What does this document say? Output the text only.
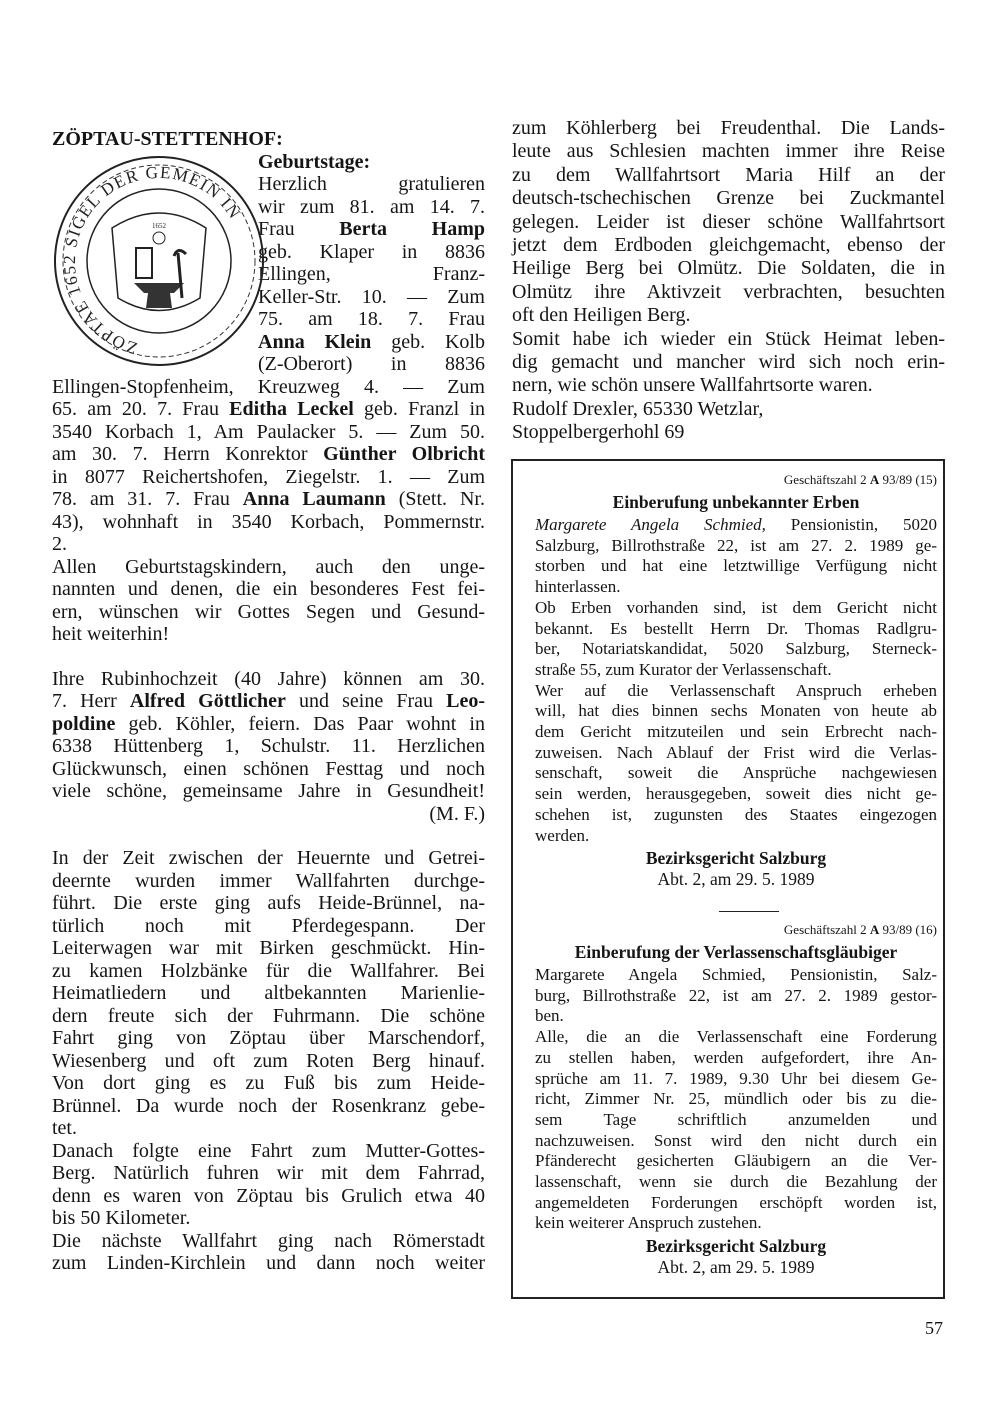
ZÖPTAU-STETTENHOF:
ZÖPTAE 1652 SIGEL DER GEMEIN IN
1652
Geburtstage:
Herzlich gratulieren
wir zum 81. am 14. 7.
Frau Berta Hamp
geb. Klaper in 8836
Ellingen, Franz-
Keller-Str. 10. — Zum
75. am 18. 7. Frau
Anna Klein geb. Kolb
(Z-Oberort) in 8836
Ellingen-Stopfenheim, Kreuzweg 4. — Zum
65. am 20. 7. Frau Editha Leckel geb. Franzl in
3540 Korbach 1, Am Paulacker 5. — Zum 50.
am 30. 7. Herrn Konrektor Günther Olbricht
in 8077 Reichertshofen, Ziegelstr. 1. — Zum
78. am 31. 7. Frau Anna Laumann (Stett. Nr.
43), wohnhaft in 3540 Korbach, Pommernstr.
2.
Allen Geburtstagskindern, auch den unge-
nannten und denen, die ein besonderes Fest fei-
ern, wünschen wir Gottes Segen und Gesund-
heit weiterhin!
Ihre Rubinhochzeit (40 Jahre) können am 30.
7. Herr Alfred Göttlicher und seine Frau Leo-
poldine geb. Köhler, feiern. Das Paar wohnt in
6338 Hüttenberg 1, Schulstr. 11. Herzlichen
Glückwunsch, einen schönen Festtag und noch
viele schöne, gemeinsame Jahre in Gesundheit!
(M. F.)
In der Zeit zwischen der Heuernte und Getrei-
deernte wurden immer Wallfahrten durchge-
führt. Die erste ging aufs Heide-Brünnel, na-
türlich noch mit Pferdegespann. Der
Leiterwagen war mit Birken geschmückt. Hin-
zu kamen Holzbänke für die Wallfahrer. Bei
Heimatliedern und altbekannten Marienlie-
dern freute sich der Fuhrmann. Die schöne
Fahrt ging von Zöptau über Marschendorf,
Wiesenberg und oft zum Roten Berg hinauf.
Von dort ging es zu Fuß bis zum Heide-
Brünnel. Da wurde noch der Rosenkranz gebe-
tet.
Danach folgte eine Fahrt zum Mutter-Gottes-
Berg. Natürlich fuhren wir mit dem Fahrrad,
denn es waren von Zöptau bis Grulich etwa 40
bis 50 Kilometer.
Die nächste Wallfahrt ging nach Römerstadt
zum Linden-Kirchlein und dann noch weiter
zum Köhlerberg bei Freudenthal. Die Lands-
leute aus Schlesien machten immer ihre Reise
zu dem Wallfahrtsort Maria Hilf an der
deutsch-tschechischen Grenze bei Zuckmantel
gelegen. Leider ist dieser schöne Wallfahrtsort
jetzt dem Erdboden gleichgemacht, ebenso der
Heilige Berg bei Olmütz. Die Soldaten, die in
Olmütz ihre Aktivzeit verbrachten, besuchten
oft den Heiligen Berg.
Somit habe ich wieder ein Stück Heimat leben-
dig gemacht und mancher wird sich noch erin-
nern, wie schön unsere Wallfahrtsorte waren.
Rudolf Drexler, 65330 Wetzlar,
Stoppelbergerhohl 69
Geschäftszahl 2 A 93/89 (15)
Einberufung unbekannter Erben
Margarete Angela Schmied, Pensionistin, 5020
Salzburg, Billrothstraße 22, ist am 27. 2. 1989 ge-
storben und hat eine letztwillige Verfügung nicht
hinterlassen.
Ob Erben vorhanden sind, ist dem Gericht nicht
bekannt. Es bestellt Herrn Dr. Thomas Radlgru-
ber, Notariatskandidat, 5020 Salzburg, Sterneck-
straße 55, zum Kurator der Verlassenschaft.
Wer auf die Verlassenschaft Anspruch erheben
will, hat dies binnen sechs Monaten von heute ab
dem Gericht mitzuteilen und sein Erbrecht nach-
zuweisen. Nach Ablauf der Frist wird die Verlas-
senschaft, soweit die Ansprüche nachgewiesen
sein werden, herausgegeben, soweit dies nicht ge-
schehen ist, zugunsten des Staates eingezogen
werden.
Bezirksgericht Salzburg
Abt. 2, am 29. 5. 1989
Geschäftszahl 2 A 93/89 (16)
Einberufung der Verlassenschaftsgläubiger
Margarete Angela Schmied, Pensionistin, Salz-
burg, Billrothstraße 22, ist am 27. 2. 1989 gestor-
ben.
Alle, die an die Verlassenschaft eine Forderung
zu stellen haben, werden aufgefordert, ihre An-
sprüche am 11. 7. 1989, 9.30 Uhr bei diesem Ge-
richt, Zimmer Nr. 25, mündlich oder bis zu die-
sem Tage schriftlich anzumelden und
nachzuweisen. Sonst wird den nicht durch ein
Pfänderecht gesicherten Gläubigern an die Ver-
lassenschaft, wenn sie durch die Bezahlung der
angemeldeten Forderungen erschöpft worden ist,
kein weiterer Anspruch zustehen.
Bezirksgericht Salzburg
Abt. 2, am 29. 5. 1989
57
